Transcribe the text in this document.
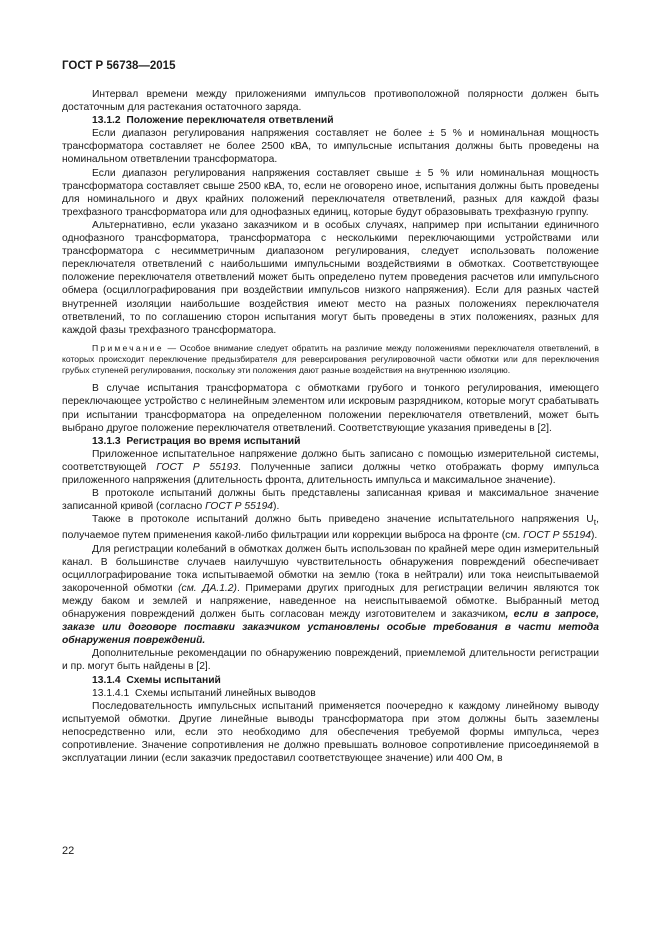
ГОСТ Р 56738—2015

Интервал времени между приложениями импульсов противоположной полярности должен быть достаточным для растекания остаточного заряда.

13.1.2 Положение переключателя ответвлений

Если диапазон регулирования напряжения составляет не более ± 5 % и номинальная мощность трансформатора составляет не более 2500 кВА, то импульсные испытания должны быть проведены на номинальном ответвлении трансформатора.

Если диапазон регулирования напряжения составляет свыше ± 5 % или номинальная мощность трансформатора составляет свыше 2500 кВА, то, если не оговорено иное, испытания должны быть проведены для номинального и двух крайних положений переключателя ответвлений, разных для каждой фазы трехфазного трансформатора или для однофазных единиц, которые будут образовывать трехфазную группу.

Альтернативно, если указано заказчиком и в особых случаях, например при испытании единичного однофазного трансформатора, трансформатора с несколькими переключающими устройствами или трансформатора с несимметричным диапазоном регулирования, следует использовать положение переключателя ответвлений с наибольшими импульсными воздействиями в обмотках. Соответствующее положение переключателя ответвлений может быть определено путем проведения расчетов или импульсного обмера (осциллографирования при воздействии импульсов низкого напряжения). Если для разных частей внутренней изоляции наибольшие воздействия имеют место на разных положениях переключателя ответвлений, то по соглашению сторон испытания могут быть проведены в этих положениях, разных для каждой фазы трехфазного трансформатора.

Примечание — Особое внимание следует обратить на различие между положениями переключателя ответвлений, в которых происходит переключение предызбирателя для реверсирования регулировочной части обмотки или для переключения грубых ступеней регулирования, поскольку эти положения дают разные воздействия на внутреннюю изоляцию.

В случае испытания трансформатора с обмотками грубого и тонкого регулирования, имеющего переключающее устройство с нелинейным элементом или искровым разрядником, которые могут срабатывать при испытании трансформатора на определенном положении переключателя ответвлений, может быть выбрано другое положение переключателя ответвлений. Соответствующие указания приведены в [2].

13.1.3 Регистрация во время испытаний

Приложенное испытательное напряжение должно быть записано с помощью измерительной системы, соответствующей ГОСТ Р 55193. Полученные записи должны четко отображать форму импульса приложенного напряжения (длительность фронта, длительность импульса и максимальное значение).

В протоколе испытаний должны быть представлены записанная кривая и максимальное значение записанной кривой (согласно ГОСТ Р 55194).

Также в протоколе испытаний должно быть приведено значение испытательного напряжения $U_t$, получаемое путем применения какой-либо фильтрации или коррекции выброса на фронте (см. ГОСТ Р 55194).

Для регистрации колебаний в обмотках должен быть использован по крайней мере один измерительный канал. В большинстве случаев наилучшую чувствительность обнаружения повреждений обеспечивает осциллографирование тока испытываемой обмотки на землю (тока в нейтрали) или тока неиспытываемой закороченной обмотки (см. ДА.1.2). Примерами других пригодных для регистрации величин являются ток между баком и землей и напряжение, наведенное на неиспытываемой обмотке. Выбранный метод обнаружения повреждений должен быть согласован между изготовителем и заказчиком, если в запросе, заказе или договоре поставки заказчиком установлены особые требования в части метода обнаружения повреждений.

Дополнительные рекомендации по обнаружению повреждений, приемлемой длительности регистрации и пр. могут быть найдены в [2].

13.1.4 Схемы испытаний

13.1.4.1 Схемы испытаний линейных выводов

Последовательность импульсных испытаний применяется поочередно к каждому линейному выводу испытуемой обмотки. Другие линейные выводы трансформатора при этом должны быть заземлены непосредственно или, если это необходимо для обеспечения требуемой формы импульса, через сопротивление. Значение сопротивления не должно превышать волновое сопротивление присоединяемой в эксплуатации линии (если заказчик предоставил соответствующее значение) или 400 Ом, в

22
